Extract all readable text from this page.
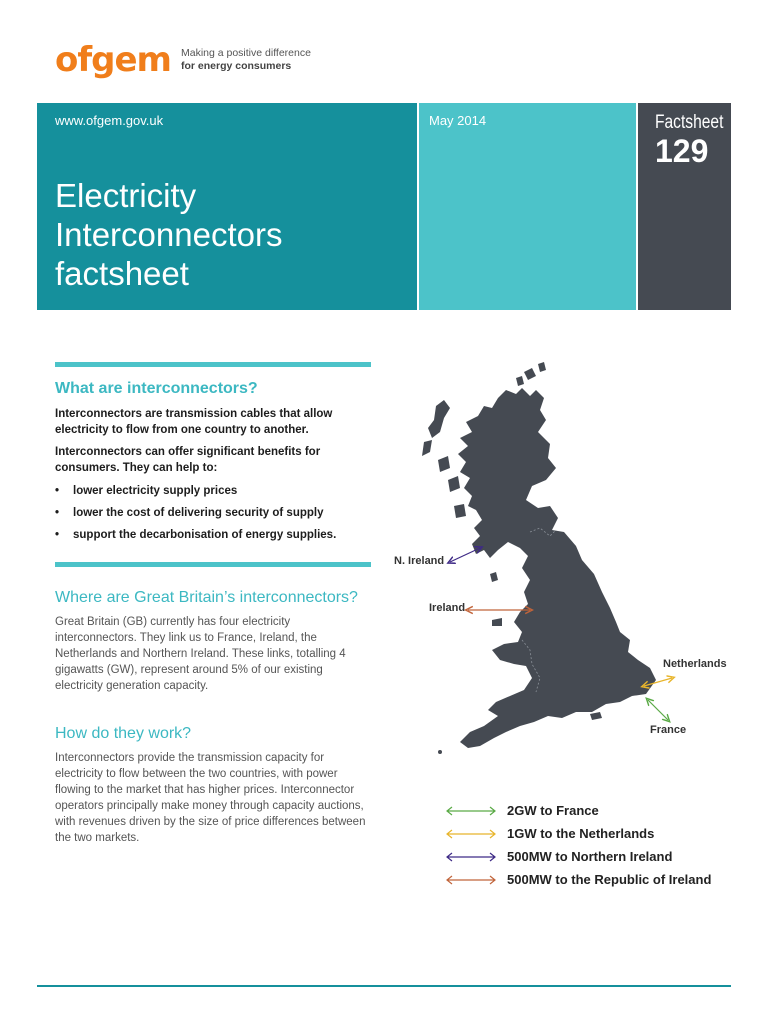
ofgem Making a positive difference
for energy consumers
www.ofgem.gov.uk
Electricity
Interconnectors
factsheet
May 2014	Factsheet
129
What are interconnectors?
Interconnectors are transmission cables that allow electricity to flow from one country to another.
Interconnectors can offer significant benefits for consumers. They can help to:
• lower electricity supply prices
• lower the cost of delivering security of supply
• support the decarbonisation of energy supplies.
Where are Great Britain’s interconnectors?
Great Britain (GB) currently has four electricity interconnectors. They link us to France, Ireland, the Netherlands and Northern Ireland. These links, totalling 4 gigawatts (GW), represent around 5% of our existing electricity generation capacity.
How do they work?
Interconnectors provide the transmission capacity for electricity to flow between the two countries, with power flowing to the market that has higher prices. Interconnector operators principally make money through capacity auctions, with revenues driven by the size of price differences between the two markets.
N. Ireland
Ireland
Netherlands
France
2GW to France
1GW to the Netherlands
500MW to Northern Ireland
500MW to the Republic of Ireland
